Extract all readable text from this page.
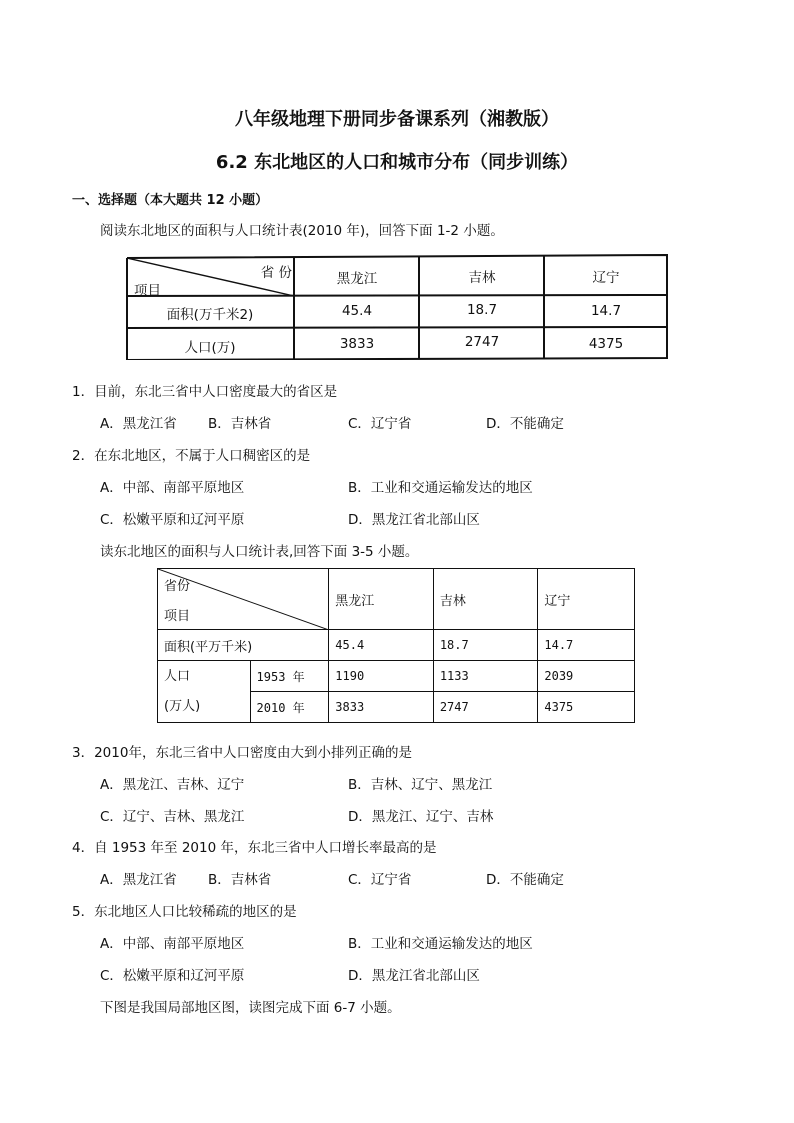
八年级地理下册同步备课系列（湘教版）
6.2 东北地区的人口和城市分布（同步训练）
一、选择题（本大题共 12 小题）
阅读东北地区的面积与人口统计表(2010 年)，回答下面 1-2 小题。
省 份
项目
黑龙江	吉林	辽宁
面积(万千米2)	45.4	18.7	14.7
人口(万)	3833	2747	4375
1．目前，东北三省中人口密度最大的省区是
A．黑龙江省 B．吉林省	C．辽宁省	D．不能确定
2．在东北地区，不属于人口稠密区的是
A．中部、南部平原地区	B．工业和交通运输发达的地区
C．松嫩平原和辽河平原	D．黑龙江省北部山区
读东北地区的面积与人口统计表,回答下面 3-5 小题。
省份
项目		黑龙江	吉林	辽宁
面积(平万千米)		45.4	18.7	14.7

人口
(万人)	1953 年	1190	1133	2039
	2010 年	3833	2747	4375
3．2010年，东北三省中人口密度由大到小排列正确的是
A．黑龙江、吉林、辽宁	B．吉林、辽宁、黑龙江
C．辽宁、吉林、黑龙江	D．黑龙江、辽宁、吉林
4．自 1953 年至 2010 年，东北三省中人口增长率最高的是
A．黑龙江省 B．吉林省	C．辽宁省	D．不能确定
5．东北地区人口比较稀疏的地区的是
A．中部、南部平原地区	B．工业和交通运输发达的地区
C．松嫩平原和辽河平原	D．黑龙江省北部山区
下图是我国局部地区图，读图完成下面 6-7 小题。
